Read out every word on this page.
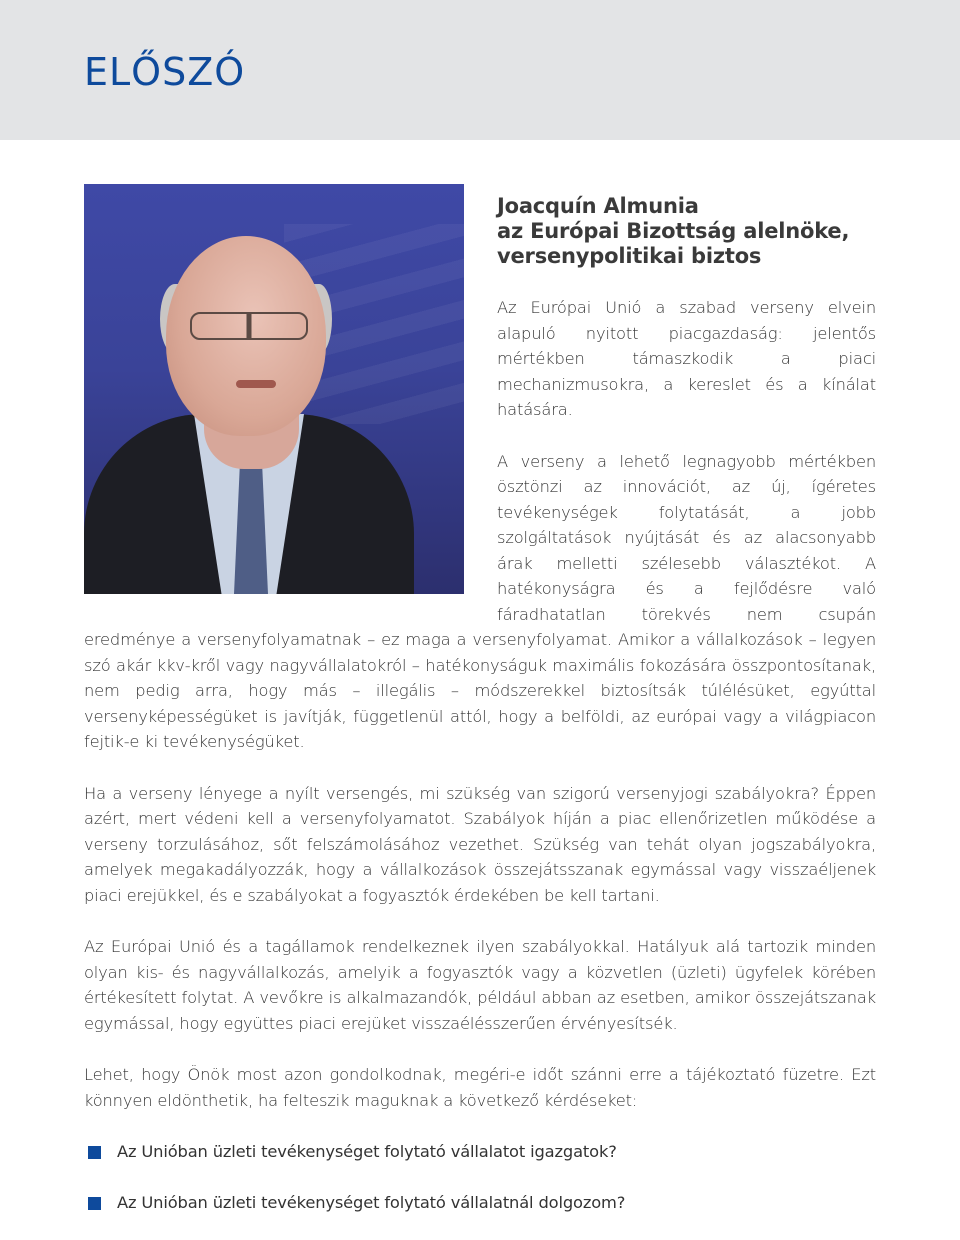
ELŐSZÓ
Joacquín Almunia
az Európai Bizottság alelnöke,
versenypolitikai biztos

Az Európai Unió a szabad verseny elvein alapuló nyitott piacgazdaság: jelentős mértékben támaszkodik a piaci mechanizmusokra, a kereslet és a kínálat hatására.

A verseny a lehető legnagyobb mértékben ösztönzi az innovációt, az új, ígéretes tevékenységek folytatását, a jobb szolgáltatások nyújtását és az alacsonyabb árak melletti szélesebb választékot. A hatékonyságra és a fejlődésre való fáradhatatlan törekvés nem csupán eredménye a versenyfolyamatnak – ez maga a versenyfolyamat. Amikor a vállalkozások – legyen szó akár kkv-kről vagy nagyvállalatokról – hatékonyságuk maximális fokozására összpontosítanak, nem pedig arra, hogy más – illegális – módszerekkel biztosítsák túlélésüket, egyúttal versenyképességüket is javítják, függetlenül attól, hogy a belföldi, az európai vagy a világpiacon fejtik-e ki tevékenységüket.

Ha a verseny lényege a nyílt versengés, mi szükség van szigorú versenyjogi szabályokra? Éppen azért, mert védeni kell a versenyfolyamatot. Szabályok híján a piac ellenőrizetlen működése a verseny torzulásához, sőt felszámolásához vezethet. Szükség van tehát olyan jogszabályokra, amelyek megakadályozzák, hogy a vállalkozások összejátsszanak egymással vagy visszaéljenek piaci erejükkel, és e szabályokat a fogyasztók érdekében be kell tartani.

Az Európai Unió és a tagállamok rendelkeznek ilyen szabályokkal. Hatályuk alá tartozik minden olyan kis- és nagyvállalkozás, amelyik a fogyasztók vagy a közvetlen (üzleti) ügyfelek körében értékesített folytat. A vevőkre is alkalmazandók, például abban az esetben, amikor összejátszanak egymással, hogy együttes piaci erejüket visszaélésszerűen érvényesítsék.

Lehet, hogy Önök most azon gondolkodnak, megéri-e időt szánni erre a tájékoztató füzetre. Ezt könnyen eldönthetik, ha felteszik maguknak a következő kérdéseket:

Az Unióban üzleti tevékenységet folytató vállalatot igazgatok?
Az Unióban üzleti tevékenységet folytató vállalatnál dolgozom?
